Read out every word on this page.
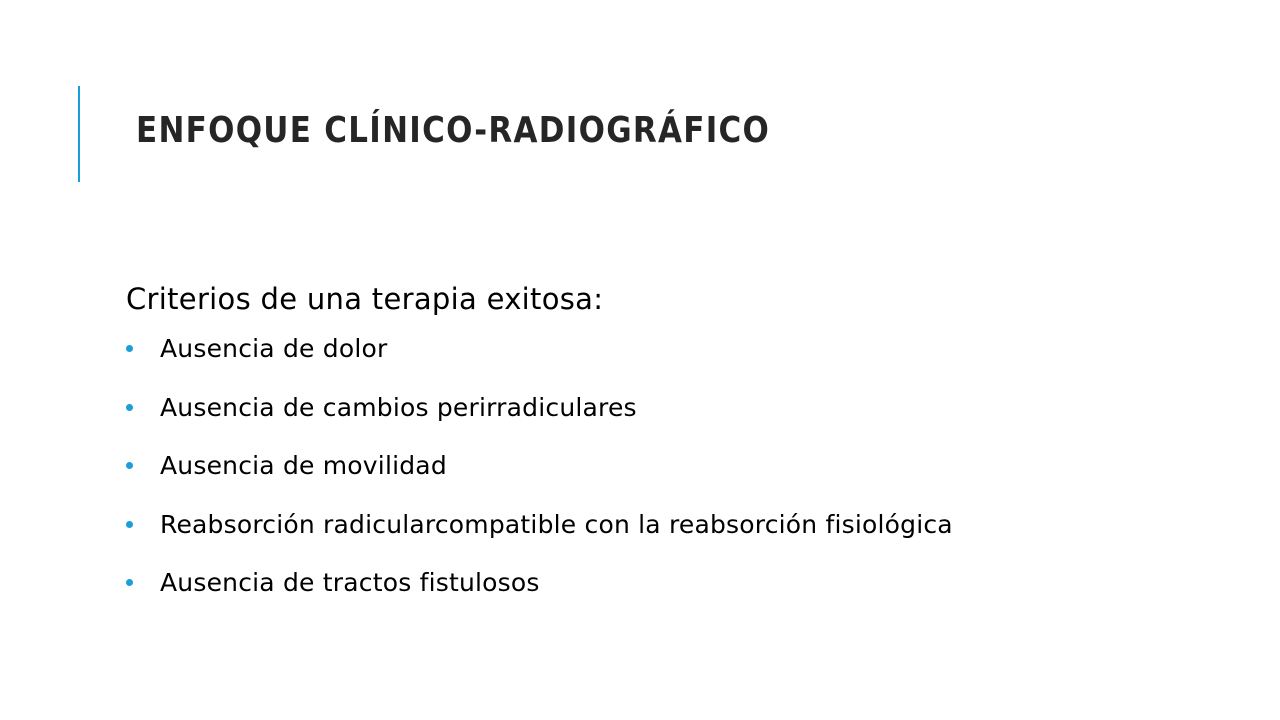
ENFOQUE CLÍNICO-RADIOGRÁFICO

Criterios de una terapia exitosa:

Ausencia de dolor
Ausencia de cambios perirradiculares
Ausencia de movilidad
Reabsorción radicularcompatible con la reabsorción fisiológica
Ausencia de tractos fistulosos
